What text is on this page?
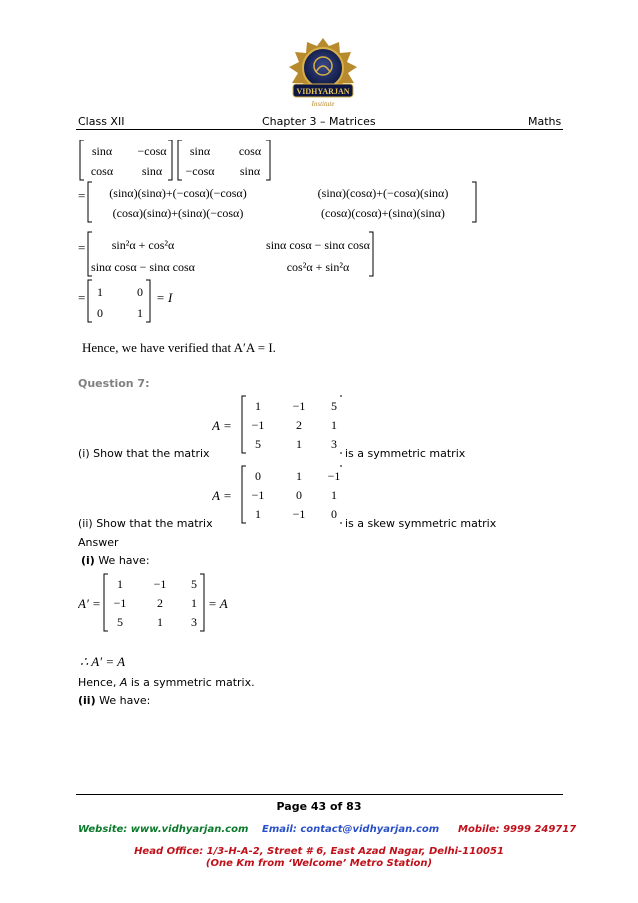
VIDHYARJAN
Institute
Class XII	Chapter 3 – Matrices	Maths
sinα −cosα
cosα sinα
sinα cosα
−cosα sinα
= (sinα)(sinα)+(−cosα)(−cosα)	(sinα)(cosα)+(−cosα)(sinα)
(cosα)(sinα)+(sinα)(−cosα)	(cosα)(cosα)+(sinα)(sinα)
= sin²α + cos²α	sinα cosα − sinα cosα
sinα cosα − sinα cosα	cos²α + sin²α
= 1	0
0	1
= I
Hence, we have verified that A′A = I.
Question 7:
A =
1	−1 5
−1	2 1
5	1 3
(i) Show that the matrix	is a symmetric matrix
A =
0	1 −1
−1	0 1
1	−1 0
(ii) Show that the matrix	is a skew symmetric matrix
Answer
(i) We have:
A′ =
1	−1 5
−1	2 1
5	1 3
= A
∴ A′ = A
Hence, A is a symmetric matrix.
(ii) We have:
Page 43 of 83
Website: www.vidhyarjan.com Email: contact@vidhyarjan.com Mobile: 9999 249717
Head Office: 1/3-H-A-2, Street # 6, East Azad Nagar, Delhi-110051
(One Km from ‘Welcome’ Metro Station)
